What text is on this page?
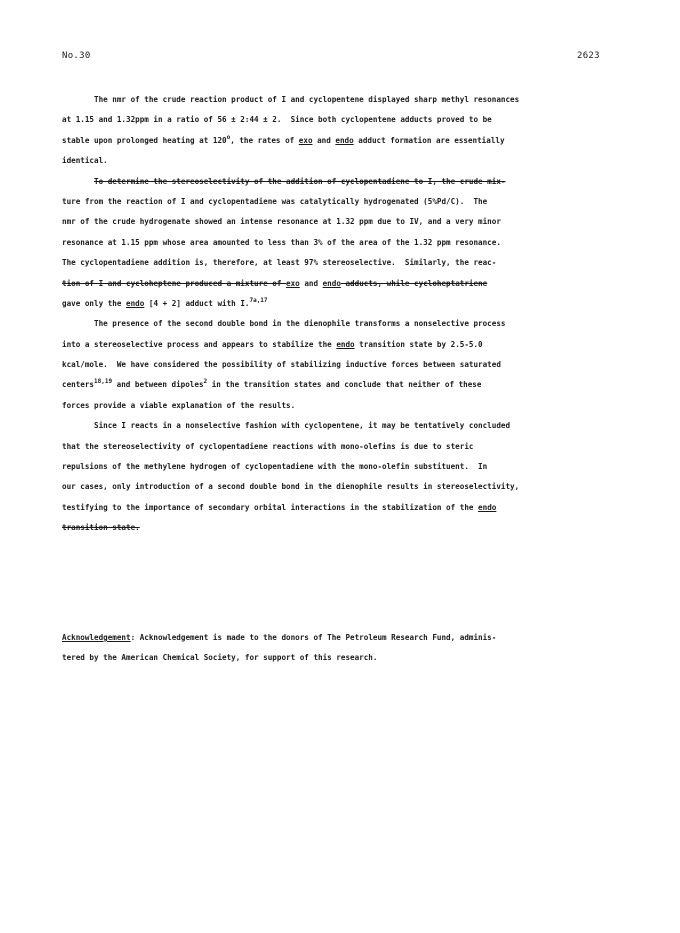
No.30	2623
The nmr of the crude reaction product of I and cyclopentene displayed sharp methyl resonances
at 1.15 and 1.32ppm in a ratio of 56 ± 2:44 ± 2.  Since both cyclopentene adducts proved to be
stable upon prolonged heating at 120$^o$, the rates of exo and endo adduct formation are essentially
identical.
To determine the stereoselectivity of the addition of cyclopentadiene to I, the crude mix-
ture from the reaction of I and cyclopentadiene was catalytically hydrogenated (5%Pd/C).  The
nmr of the crude hydrogenate showed an intense resonance at 1.32 ppm due to IV, and a very minor
resonance at 1.15 ppm whose area amounted to less than 3% of the area of the 1.32 ppm resonance.
The cyclopentadiene addition is, therefore, at least 97% stereoselective.  Similarly, the reac-
tion of I and cycloheptene produced a mixture of exo and endo adducts, while cycloheptatriene
gave only the endo [4 + 2] adduct with I.$^{7a,17}$
The presence of the second double bond in the dienophile transforms a nonselective process
into a stereoselective process and appears to stabilize the endo transition state by 2.5-5.0
kcal/mole.  We have considered the possibility of stabilizing inductive forces between saturated
centers$^{18,19}$ and between dipoles$^2$ in the transition states and conclude that neither of these
forces provide a viable explanation of the results.
Since I reacts in a nonselective fashion with cyclopentene, it may be tentatively concluded
that the stereoselectivity of cyclopentadiene reactions with mono-olefins is due to steric
repulsions of the methylene hydrogen of cyclopentadiene with the mono-olefin substituent.  In
our cases, only introduction of a second double bond in the dienophile results in stereoselectivity,
testifying to the importance of secondary orbital interactions in the stabilization of the endo
transition state.
Acknowledgement: Acknowledgement is made to the donors of The Petroleum Research Fund, adminis-
tered by the American Chemical Society, for support of this research.
